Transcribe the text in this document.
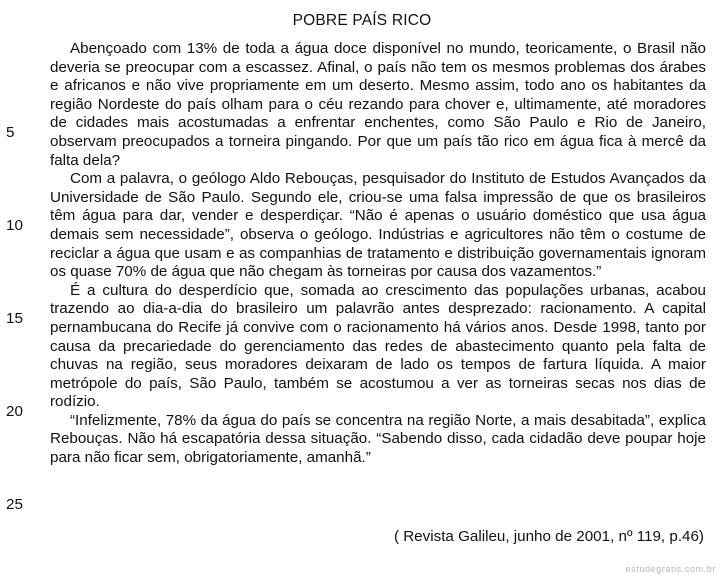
POBRE PAÍS RICO

Abençoado com 13% de toda a água doce disponível no mundo, teoricamente, o Brasil não deveria se preocupar com a escassez. Afinal, o país não tem os mesmos problemas dos árabes e africanos e não vive propriamente em um deserto. Mesmo assim, todo ano os habitantes da região Nordeste do país olham para o céu rezando para chover e, ultimamente, até moradores de cidades mais acostumadas a enfrentar enchentes, como São Paulo e Rio de Janeiro, observam preocupados a torneira pingando. Por que um país tão rico em água fica à mercê da falta dela?

Com a palavra, o geólogo Aldo Rebouças, pesquisador do Instituto de Estudos Avançados da Universidade de São Paulo. Segundo ele, criou-se uma falsa impressão de que os brasileiros têm água para dar, vender e desperdiçar. “Não é apenas o usuário doméstico que usa água demais sem necessidade”, observa o geólogo. Indústrias e agricultores não têm o costume de reciclar a água que usam e as companhias de tratamento e distribuição governamentais ignoram os quase 70% de água que não chegam às torneiras por causa dos vazamentos.”

É a cultura do desperdício que, somada ao crescimento das populações urbanas, acabou trazendo ao dia-a-dia do brasileiro um palavrão antes desprezado: racionamento. A capital pernambucana do Recife já convive com o racionamento há vários anos. Desde 1998, tanto por causa da precariedade do gerenciamento das redes de abastecimento quanto pela falta de chuvas na região, seus moradores deixaram de lado os tempos de fartura líquida. A maior metrópole do país, São Paulo, também se acostumou a ver as torneiras secas nos dias de rodízio.

“Infelizmente, 78% da água do país se concentra na região Norte, a mais desabitada”, explica Rebouças. Não há escapatória dessa situação. “Sabendo disso, cada cidadão deve poupar hoje para não ficar sem, obrigatoriamente, amanhã.”

5
10
15
20
25
( Revista Galileu, junho de 2001, nº 119, p.46)
estudegratis.com.br
